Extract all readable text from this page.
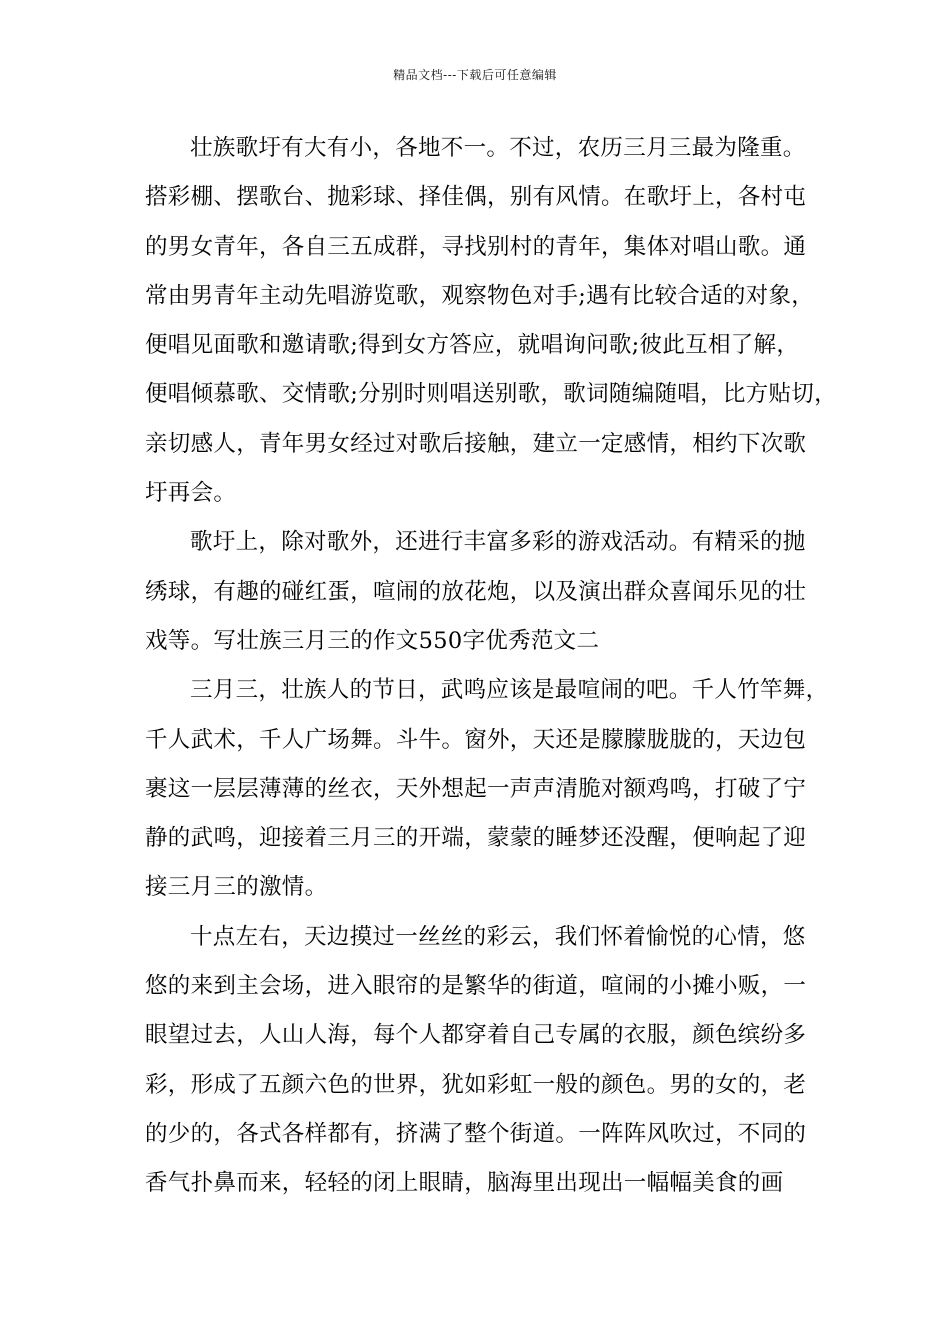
精品文档---下载后可任意编辑

壮族歌圩有大有小，各地不一。不过，农历三月三最为隆重。
搭彩棚、摆歌台、抛彩球、择佳偶，别有风情。在歌圩上，各村屯
的男女青年，各自三五成群，寻找别村的青年，集体对唱山歌。通
常由男青年主动先唱游览歌，观察物色对手;遇有比较合适的对象，
便唱见面歌和邀请歌;得到女方答应，就唱询问歌;彼此互相了解，
便唱倾慕歌、交情歌;分别时则唱送别歌，歌词随编随唱，比方贴切，
亲切感人，青年男女经过对歌后接触，建立一定感情，相约下次歌
圩再会。

歌圩上，除对歌外，还进行丰富多彩的游戏活动。有精采的抛
绣球，有趣的碰红蛋，喧闹的放花炮，以及演出群众喜闻乐见的壮
戏等。写壮族三月三的作文550字优秀范文二

三月三，壮族人的节日，武鸣应该是最喧闹的吧。千人竹竿舞，
千人武术，千人广场舞。斗牛。窗外，天还是朦朦胧胧的，天边包
裹这一层层薄薄的丝衣，天外想起一声声清脆对额鸡鸣，打破了宁
静的武鸣，迎接着三月三的开端，蒙蒙的睡梦还没醒，便响起了迎
接三月三的激情。

十点左右，天边摸过一丝丝的彩云，我们怀着愉悦的心情，悠
悠的来到主会场，进入眼帘的是繁华的街道，喧闹的小摊小贩，一
眼望过去，人山人海，每个人都穿着自己专属的衣服，颜色缤纷多
彩，形成了五颜六色的世界，犹如彩虹一般的颜色。男的女的，老
的少的，各式各样都有，挤满了整个街道。一阵阵风吹过，不同的
香气扑鼻而来，轻轻的闭上眼睛，脑海里出现出一幅幅美食的画
